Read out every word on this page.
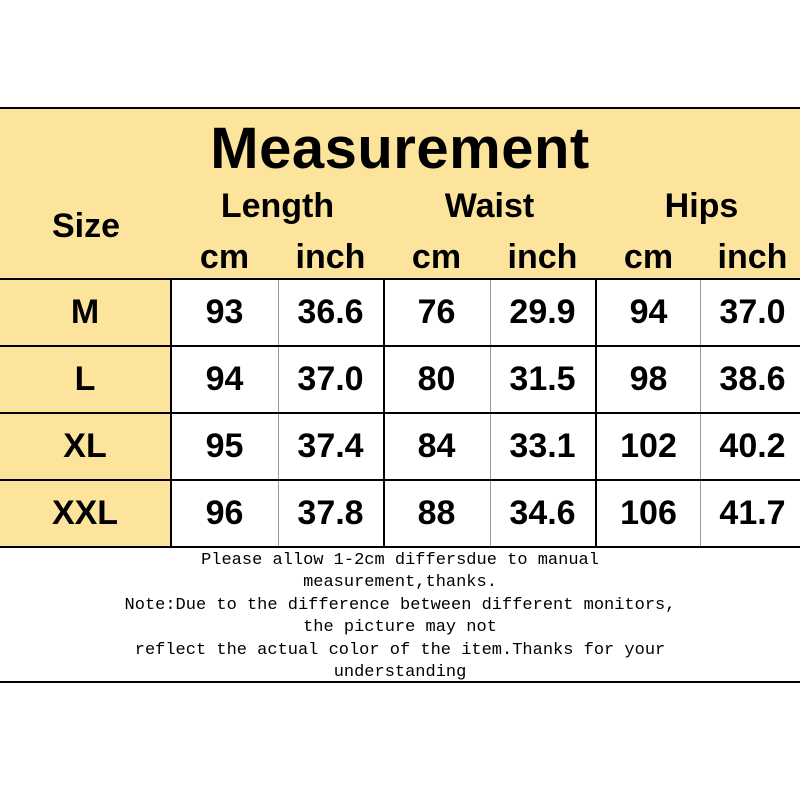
Measurement
Size
Length	Waist	Hips
cm	inch	cm	inch	cm	inch
M	93	36.6	76	29.9	94	37.0
L	94	37.0	80	31.5	98	38.6
XL	95	37.4	84	33.1	102	40.2
XXL	96	37.8	88	34.6	106	41.7
Please allow 1-2cm differsdue to manual
measurement,thanks.
Note:Due to the difference between different monitors,
the picture may not
reflect the actual color of the item.Thanks for your
understanding
